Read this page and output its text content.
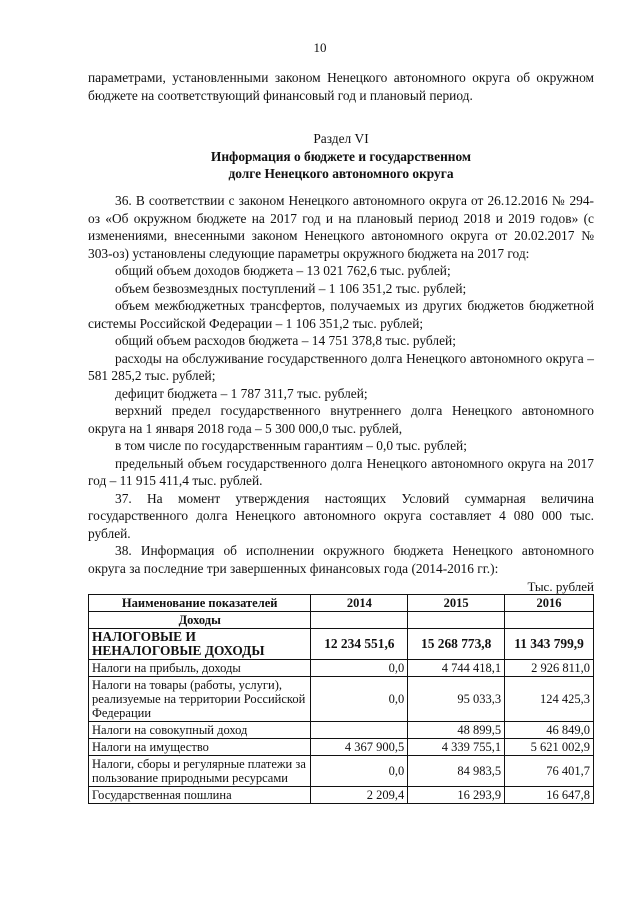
10

параметрами, установленными законом Ненецкого автономного округа об окружном бюджете на соответствующий финансовый год и плановый период.

Раздел VI

Информация о бюджете и государственном

долге Ненецкого автономного округа

36. В соответствии с законом Ненецкого автономного округа от 26.12.2016 № 294-оз «Об окружном бюджете на 2017 год и на плановый период 2018 и 2019 годов» (с изменениями, внесенными законом Ненецкого автономного округа от 20.02.2017 № 303-оз) установлены следующие параметры окружного бюджета на 2017 год:

общий объем доходов бюджета – 13 021 762,6 тыс. рублей;

объем безвозмездных поступлений – 1 106 351,2 тыс. рублей;

объем межбюджетных трансфертов, получаемых из других бюджетов бюджетной системы Российской Федерации – 1 106 351,2 тыс. рублей;

общий объем расходов бюджета – 14 751 378,8 тыс. рублей;

расходы на обслуживание государственного долга Ненецкого автономного округа – 581 285,2 тыс. рублей;

дефицит бюджета – 1 787 311,7 тыс. рублей;

верхний предел государственного внутреннего долга Ненецкого автономного округа на 1 января 2018 года – 5 300 000,0 тыс. рублей,

в том числе по государственным гарантиям – 0,0 тыс. рублей;

предельный объем государственного долга Ненецкого автономного округа на 2017 год – 11 915 411,4 тыс. рублей.

37. На момент утверждения настоящих Условий суммарная величина государственного долга Ненецкого автономного округа составляет 4 080 000 тыс. рублей.

38. Информация об исполнении окружного бюджета Ненецкого автономного округа за последние три завершенных финансовых года (2014-2016 гг.):

Тыс. рублей
Наименование показателей	2014	2015	2016
Доходы			
НАЛОГОВЫЕ И НЕНАЛОГОВЫЕ ДОХОДЫ	12 234 551,6	15 268 773,8	11 343 799,9
Налоги на прибыль, доходы	0,0	4 744 418,1	2 926 811,0
Налоги на товары (работы, услуги), реализуемые на территории Российской Федерации	0,0	95 033,3	124 425,3
Налоги на совокупный доход		48 899,5	46 849,0
Налоги на имущество	4 367 900,5	4 339 755,1	5 621 002,9
Налоги, сборы и регулярные платежи за пользование природными ресурсами	0,0	84 983,5	76 401,7
Государственная пошлина	2 209,4	16 293,9	16 647,8
